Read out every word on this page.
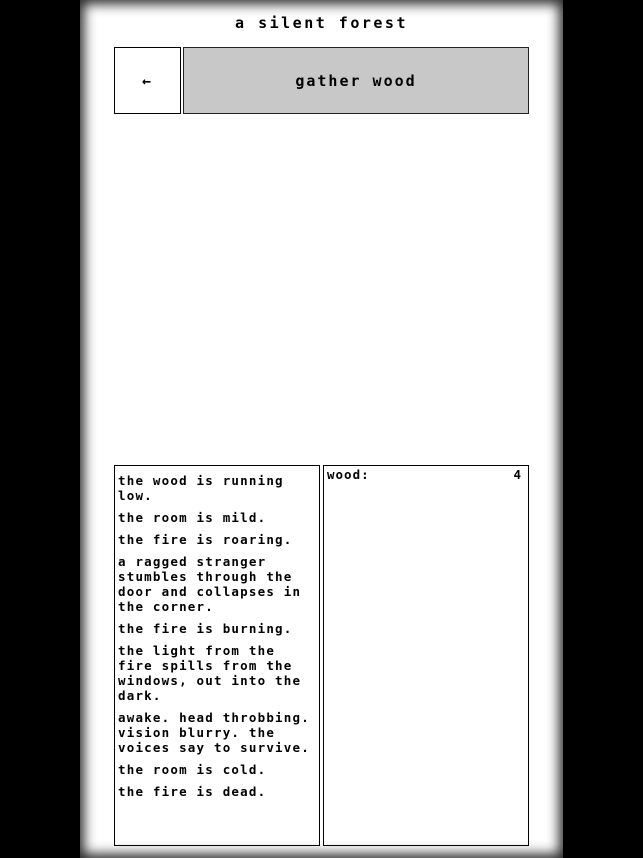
a silent forest
←	gather wood
the wood is running low.
the room is mild.
the fire is roaring.
a ragged stranger stumbles through the door and collapses in the corner.
the fire is burning.
the light from the fire spills from the windows, out into the dark.
awake. head throbbing. vision blurry. the voices say to survive.
the room is cold.
the fire is dead.
wood:	4
